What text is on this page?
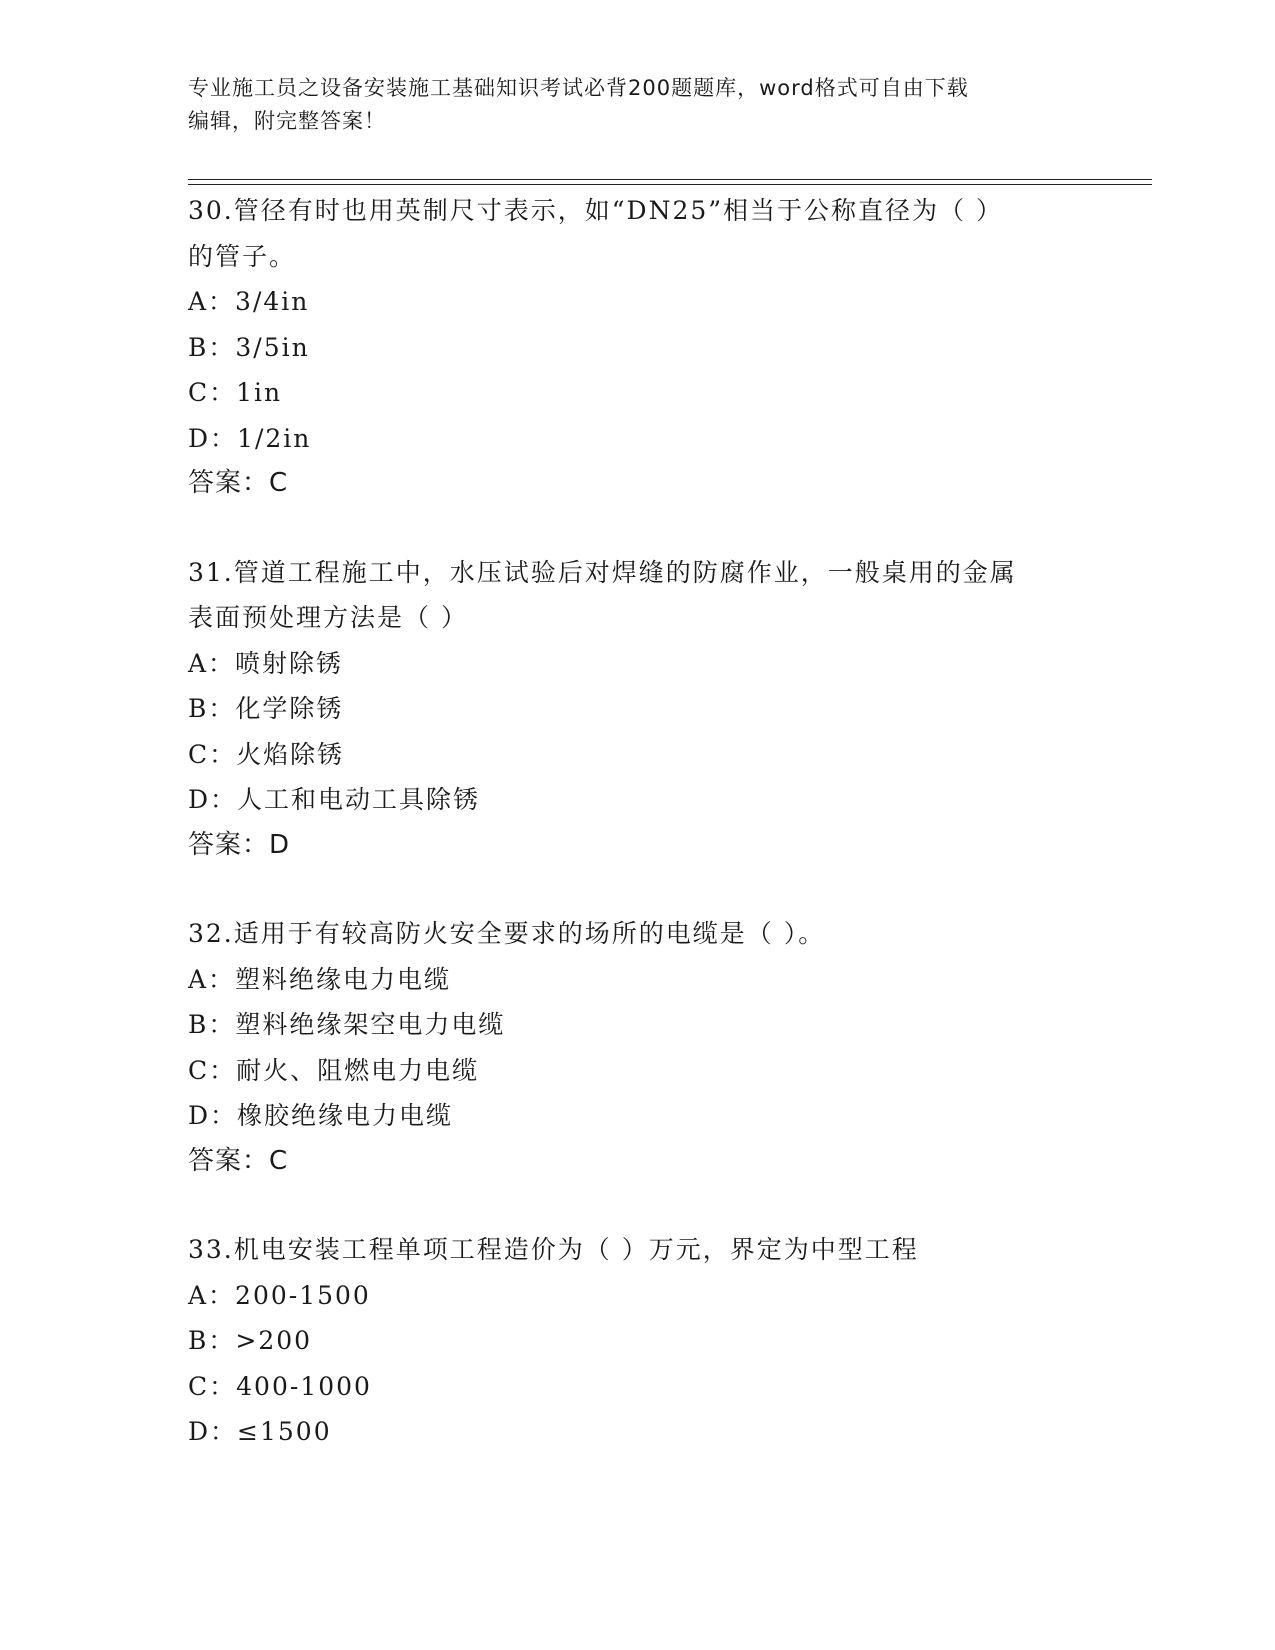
专业施工员之设备安装施工基础知识考试必背200题题库，word格式可自由下载
编辑，附完整答案！
30.管径有时也用英制尺寸表示，如“DN25”相当于公称直径为（ ）
的管子。
A：3/4in
B：3/5in
C：1in
D：1/2in
答案：C
31.管道工程施工中，水压试验后对焊缝的防腐作业，一般桌用的金属
表面预处理方法是（ ）
A：喷射除锈
B：化学除锈
C：火焰除锈
D：人工和电动工具除锈
答案：D
32.适用于有较高防火安全要求的场所的电缆是（ ）。
A：塑料绝缘电力电缆
B：塑料绝缘架空电力电缆
C：耐火、阻燃电力电缆
D：橡胶绝缘电力电缆
答案：C
33.机电安装工程单项工程造价为（ ）万元，界定为中型工程
A：200-1500
B：>200
C：400-1000
D：≤1500
